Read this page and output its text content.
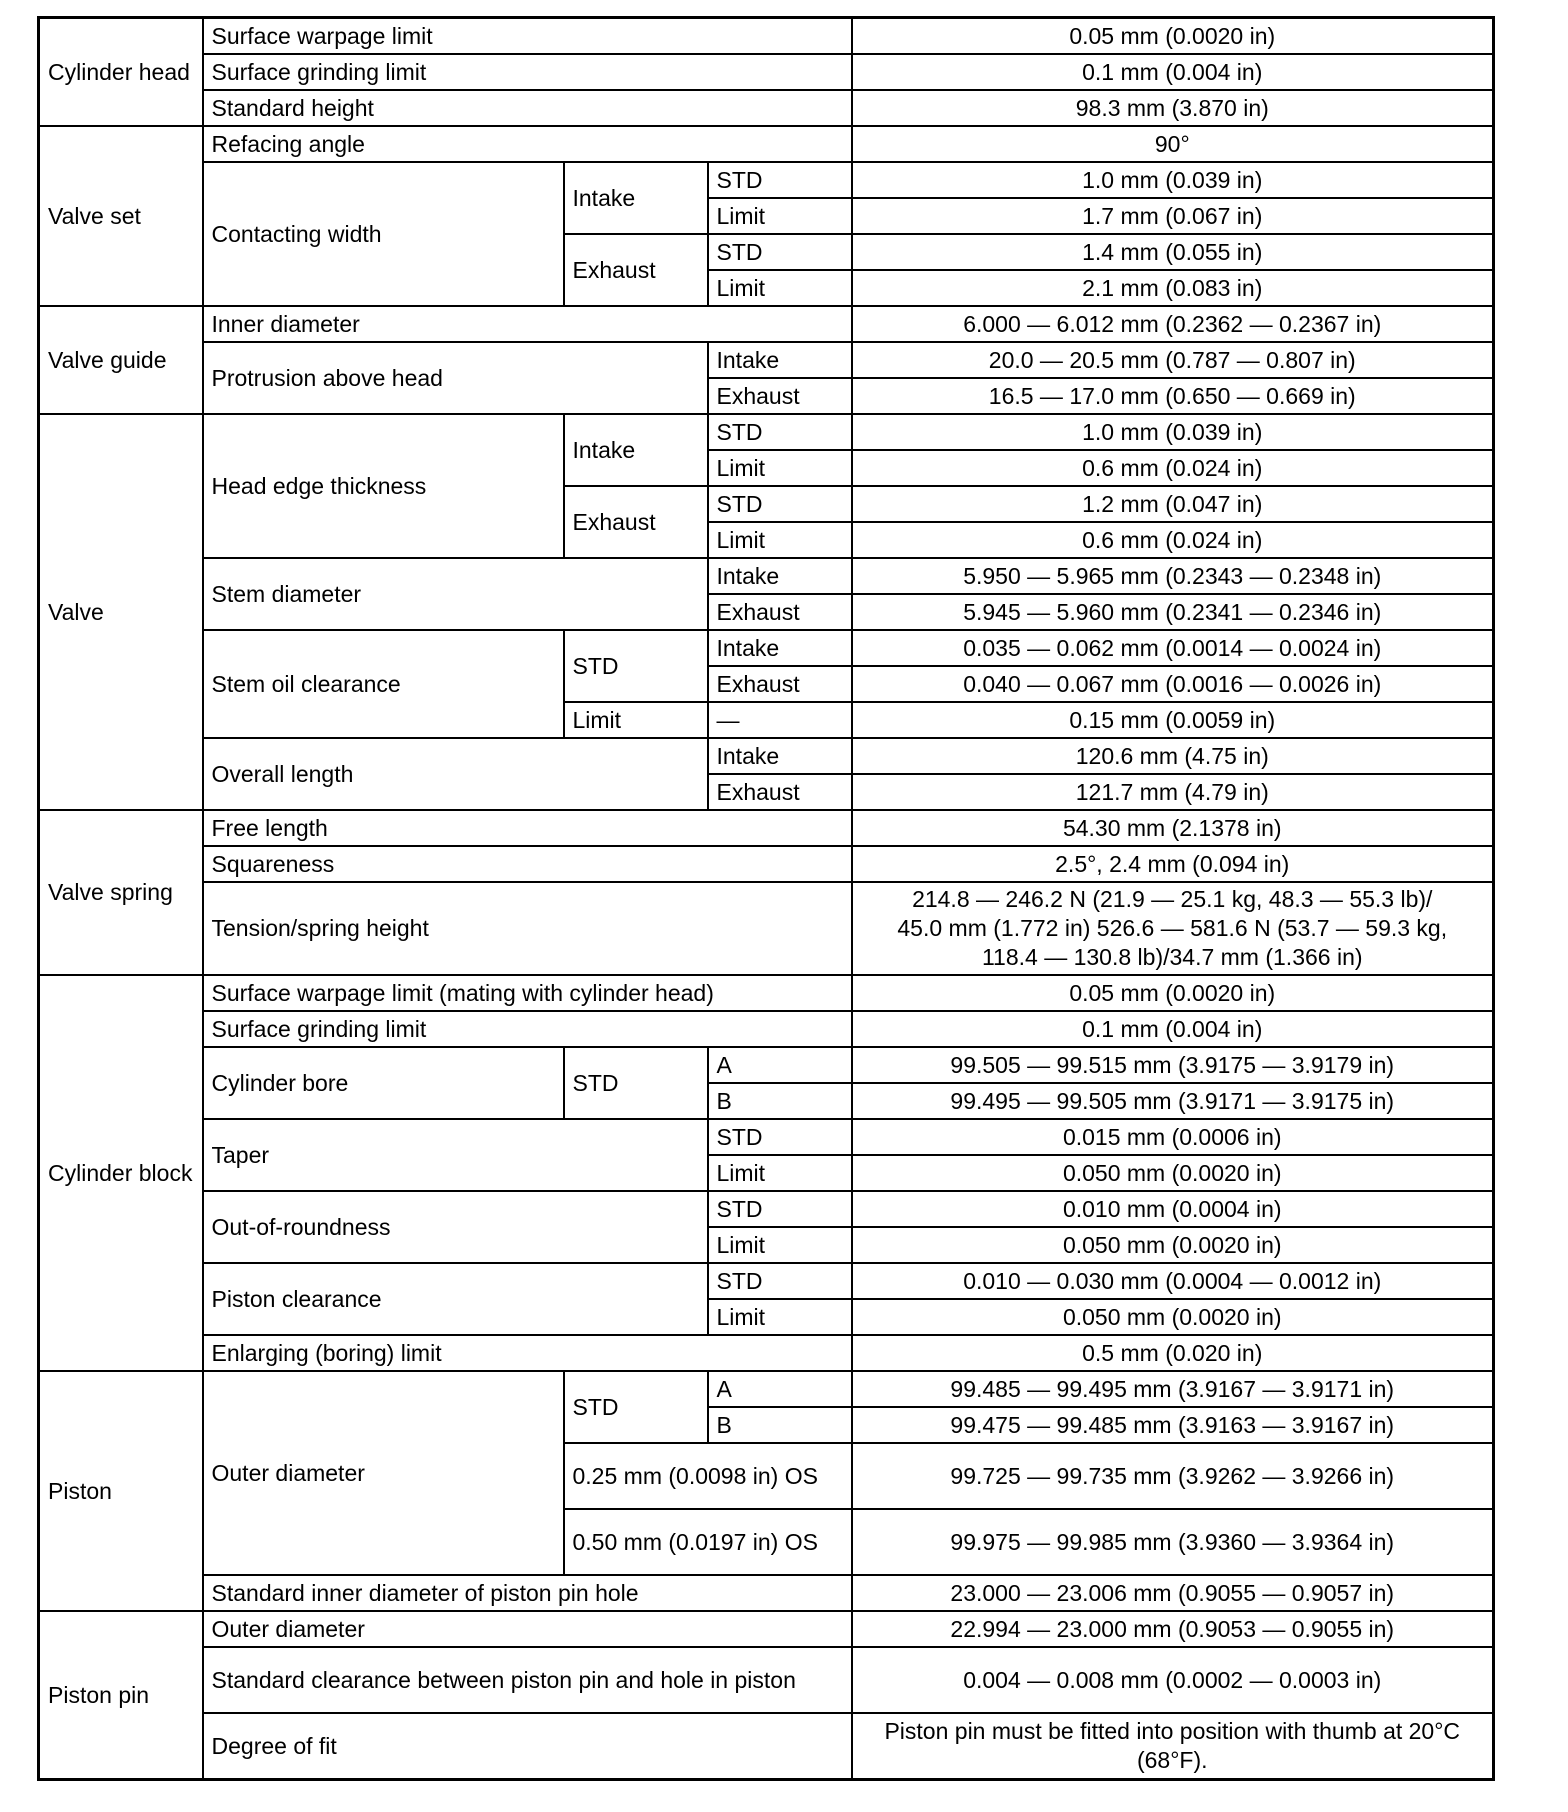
Cylinder head	Surface warpage limit			0.05 mm (0.0020 in)
	Surface grinding limit			0.1 mm (0.004 in)
	Standard height			98.3 mm (3.870 in)
Valve set	Refacing angle			90°
	Contacting width	Intake	STD	1.0 mm (0.039 in)
			Limit	1.7 mm (0.067 in)
		Exhaust	STD	1.4 mm (0.055 in)
			Limit	2.1 mm (0.083 in)
Valve guide	Inner diameter			6.000 — 6.012 mm (0.2362 — 0.2367 in)
	Protrusion above head		Intake	20.0 — 20.5 mm (0.787 — 0.807 in)
			Exhaust	16.5 — 17.0 mm (0.650 — 0.669 in)
Valve	Head edge thickness	Intake	STD	1.0 mm (0.039 in)
			Limit	0.6 mm (0.024 in)
		Exhaust	STD	1.2 mm (0.047 in)
			Limit	0.6 mm (0.024 in)
	Stem diameter		Intake	5.950 — 5.965 mm (0.2343 — 0.2348 in)
			Exhaust	5.945 — 5.960 mm (0.2341 — 0.2346 in)
	Stem oil clearance	STD	Intake	0.035 — 0.062 mm (0.0014 — 0.0024 in)
			Exhaust	0.040 — 0.067 mm (0.0016 — 0.0026 in)
		Limit	—	0.15 mm (0.0059 in)
	Overall length		Intake	120.6 mm (4.75 in)
			Exhaust	121.7 mm (4.79 in)
Valve spring	Free length			54.30 mm (2.1378 in)
	Squareness			2.5°, 2.4 mm (0.094 in)
	Tension/spring height			214.8 — 246.2 N (21.9 — 25.1 kg, 48.3 — 55.3 lb)/
45.0 mm (1.772 in) 526.6 — 581.6 N (53.7 — 59.3 kg,
118.4 — 130.8 lb)/34.7 mm (1.366 in)

Cylinder block	Surface warpage limit (mating with cylinder head)			0.05 mm (0.0020 in)
	Surface grinding limit			0.1 mm (0.004 in)
	Cylinder bore	STD	A	99.505 — 99.515 mm (3.9175 — 3.9179 in)
			B	99.495 — 99.505 mm (3.9171 — 3.9175 in)
	Taper		STD	0.015 mm (0.0006 in)
			Limit	0.050 mm (0.0020 in)
	Out-of-roundness		STD	0.010 mm (0.0004 in)
			Limit	0.050 mm (0.0020 in)
	Piston clearance		STD	0.010 — 0.030 mm (0.0004 — 0.0012 in)
			Limit	0.050 mm (0.0020 in)
	Enlarging (boring) limit			0.5 mm (0.020 in)
Piston	Outer diameter	STD	A	99.485 — 99.495 mm (3.9167 — 3.9171 in)
			B	99.475 — 99.485 mm (3.9163 — 3.9167 in)
		0.25 mm (0.0098 in) OS		99.725 — 99.735 mm (3.9262 — 3.9266 in)
		0.50 mm (0.0197 in) OS		99.975 — 99.985 mm (3.9360 — 3.9364 in)
	Standard inner diameter of piston pin hole			23.000 — 23.006 mm (0.9055 — 0.9057 in)
Piston pin	Outer diameter			22.994 — 23.000 mm (0.9053 — 0.9055 in)
	Standard clearance between piston pin and hole in piston			0.004 — 0.008 mm (0.0002 — 0.0003 in)
	Degree of fit			Piston pin must be fitted into position with thumb at 20°C (68°F).
